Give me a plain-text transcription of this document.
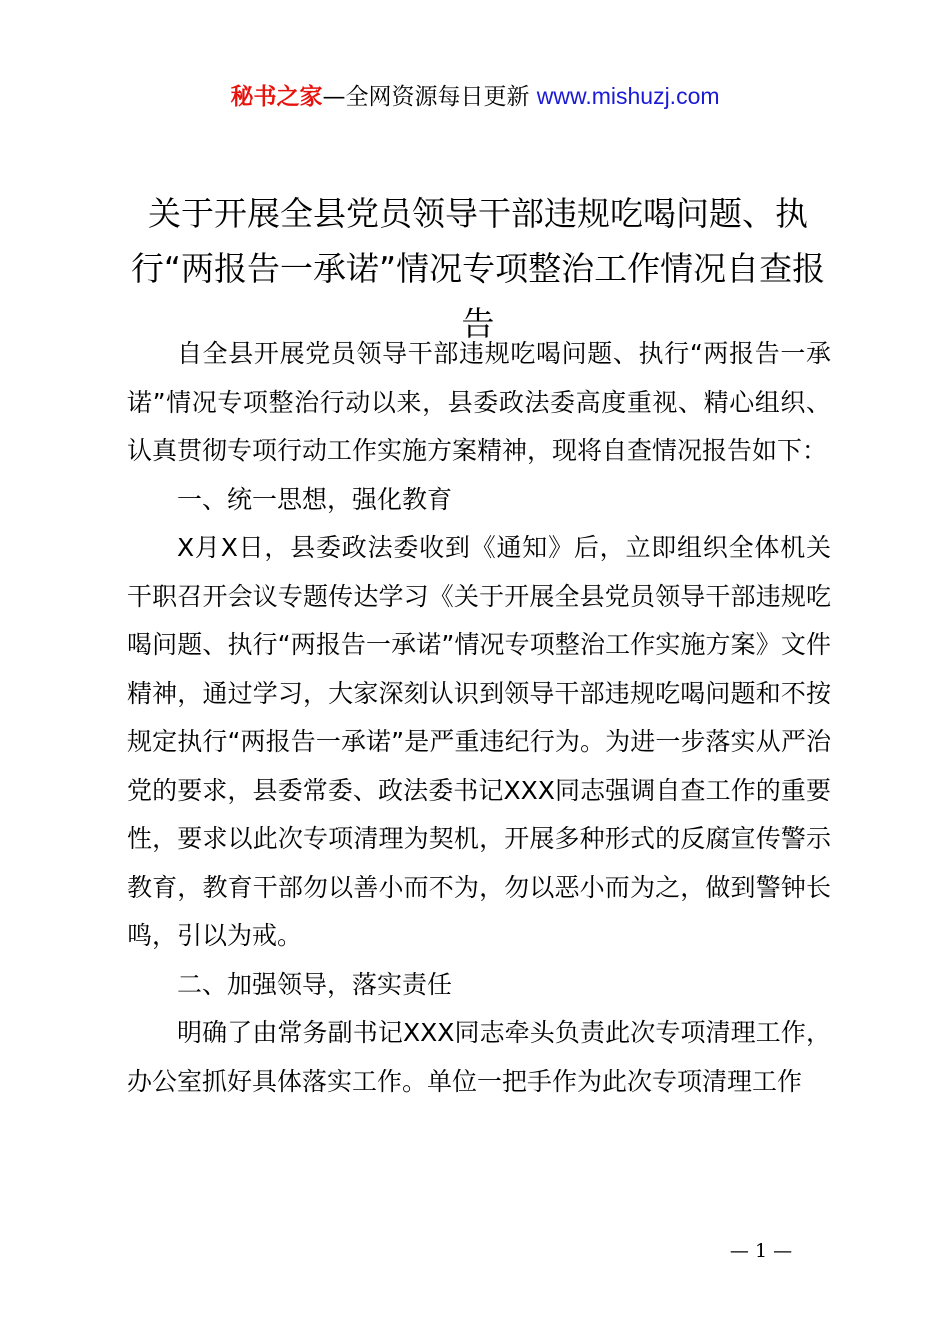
秘书之家—全网资源每日更新 www.mishuzj.com
关于开展全县党员领导干部违规吃喝问题、执行“两报告一承诺”情况专项整治工作情况自查报告

自全县开展党员领导干部违规吃喝问题、执行“两报告一承诺”情况专项整治行动以来，县委政法委高度重视、精心组织、认真贯彻专项行动工作实施方案精神，现将自查情况报告如下：

一、统一思想，强化教育

X月X日，县委政法委收到《通知》后，立即组织全体机关干职召开会议专题传达学习《关于开展全县党员领导干部违规吃喝问题、执行“两报告一承诺”情况专项整治工作实施方案》文件精神，通过学习，大家深刻认识到领导干部违规吃喝问题和不按规定执行“两报告一承诺”是严重违纪行为。为进一步落实从严治党的要求，县委常委、政法委书记XXX同志强调自查工作的重要性，要求以此次专项清理为契机，开展多种形式的反腐宣传警示教育，教育干部勿以善小而不为，勿以恶小而为之，做到警钟长鸣，引以为戒。

二、加强领导，落实责任

明确了由常务副书记XXX同志牵头负责此次专项清理工作，办公室抓好具体落实工作。单位一把手作为此次专项清理工作

— 1 —
